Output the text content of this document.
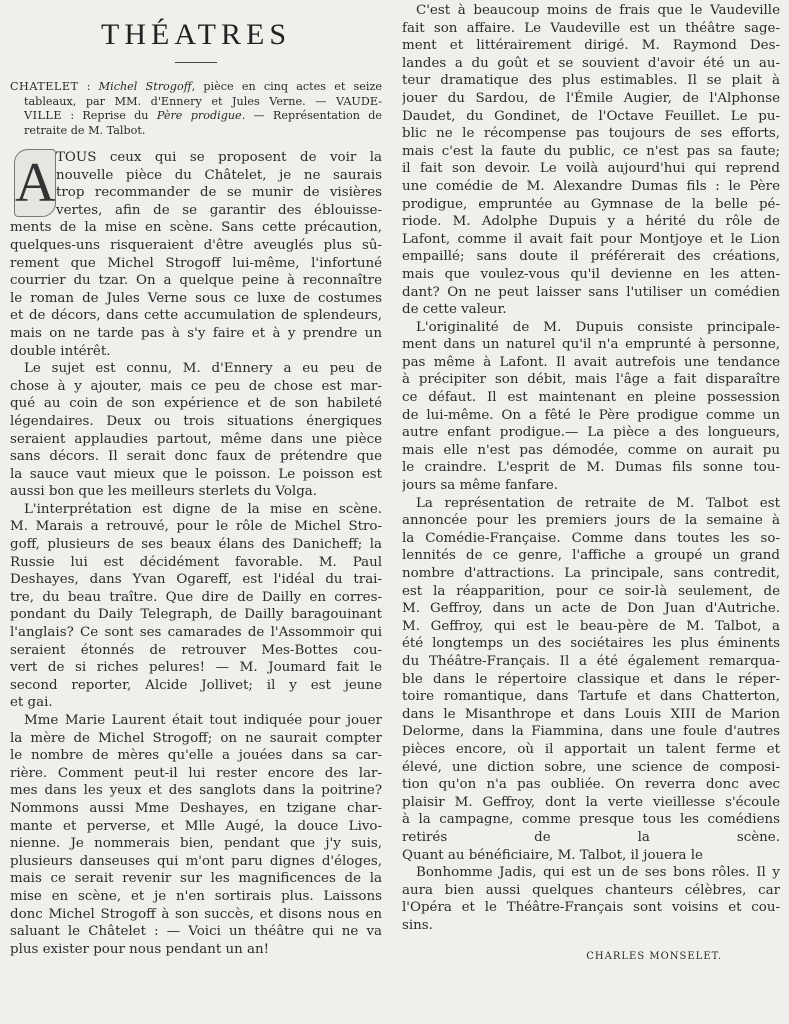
THÉATRES
CHATELET : Michel Strogoff, pièce en cinq actes et seize
tableaux, par MM. d'Ennery et Jules Verne. — VAUDE-
VILLE : Reprise du Père prodigue. — Représentation de
retraite de M. Talbot.
A TOUS ceux qui se proposent de voir la
nouvelle pièce du Châtelet, je ne saurais
trop recommander de se munir de visières
vertes, afin de se garantir des éblouisse-
ments de la mise en scène. Sans cette précaution,
quelques-uns risqueraient d'être aveuglés plus sû-
rement que Michel Strogoff lui-même, l'infortuné
courrier du tzar. On a quelque peine à reconnaître
le roman de Jules Verne sous ce luxe de costumes
et de décors, dans cette accumulation de splendeurs,
mais on ne tarde pas à s'y faire et à y prendre un
double intérêt.
Le sujet est connu, M. d'Ennery a eu peu de
chose à y ajouter, mais ce peu de chose est mar-
qué au coin de son expérience et de son habileté
légendaires. Deux ou trois situations énergiques
seraient applaudies partout, même dans une pièce
sans décors. Il serait donc faux de prétendre que
la sauce vaut mieux que le poisson. Le poisson est
aussi bon que les meilleurs sterlets du Volga.
L'interprétation est digne de la mise en scène.
M. Marais a retrouvé, pour le rôle de Michel Stro-
goff, plusieurs de ses beaux élans des Danicheff; la
Russie lui est décidément favorable. M. Paul
Deshayes, dans Yvan Ogareff, est l'idéal du trai-
tre, du beau traître. Que dire de Dailly en corres-
pondant du Daily Telegraph, de Dailly baragouinant
l'anglais? Ce sont ses camarades de l'Assommoir qui
seraient étonnés de retrouver Mes-Bottes cou-
vert de si riches pelures! — M. Joumard fait le
second reporter, Alcide Jollivet; il y est jeune
et gai.
Mme Marie Laurent était tout indiquée pour jouer
la mère de Michel Strogoff; on ne saurait compter
le nombre de mères qu'elle a jouées dans sa car-
rière. Comment peut-il lui rester encore des lar-
mes dans les yeux et des sanglots dans la poitrine?
Nommons aussi Mme Deshayes, en tzigane char-
mante et perverse, et Mlle Augé, la douce Livo-
nienne. Je nommerais bien, pendant que j'y suis,
plusieurs danseuses qui m'ont paru dignes d'éloges,
mais ce serait revenir sur les magnificences de la
mise en scène, et je n'en sortirais plus. Laissons
donc Michel Strogoff à son succès, et disons nous en
saluant le Châtelet : — Voici un théâtre qui ne va
plus exister pour nous pendant un an!
C'est à beaucoup moins de frais que le Vaudeville
fait son affaire. Le Vaudeville est un théâtre sage-
ment et littérairement dirigé. M. Raymond Des-
landes a du goût et se souvient d'avoir été un au-
teur dramatique des plus estimables. Il se plait à
jouer du Sardou, de l'Émile Augier, de l'Alphonse
Daudet, du Gondinet, de l'Octave Feuillet. Le pu-
blic ne le récompense pas toujours de ses efforts,
mais c'est la faute du public, ce n'est pas sa faute;
il fait son devoir. Le voilà aujourd'hui qui reprend
une comédie de M. Alexandre Dumas fils : le Père
prodigue, empruntée au Gymnase de la belle pé-
riode. M. Adolphe Dupuis y a hérité du rôle de
Lafont, comme il avait fait pour Montjoye et le Lion
empaillé; sans doute il préférerait des créations,
mais que voulez-vous qu'il devienne en les atten-
dant? On ne peut laisser sans l'utiliser un comédien
de cette valeur.
L'originalité de M. Dupuis consiste principale-
ment dans un naturel qu'il n'a emprunté à personne,
pas même à Lafont. Il avait autrefois une tendance
à précipiter son débit, mais l'âge a fait disparaître
ce défaut. Il est maintenant en pleine possession
de lui-même. On a fêté le Père prodigue comme un
autre enfant prodigue.— La pièce a des longueurs,
mais elle n'est pas démodée, comme on aurait pu
le craindre. L'esprit de M. Dumas fils sonne tou-
jours sa même fanfare.
La représentation de retraite de M. Talbot est
annoncée pour les premiers jours de la semaine à
la Comédie-Française. Comme dans toutes les so-
lennités de ce genre, l'affiche a groupé un grand
nombre d'attractions. La principale, sans contredit,
est la réapparition, pour ce soir-là seulement, de
M. Geffroy, dans un acte de Don Juan d'Autriche.
M. Geffroy, qui est le beau-père de M. Talbot, a
été longtemps un des sociétaires les plus éminents
du Théâtre-Français. Il a été également remarqua-
ble dans le répertoire classique et dans le réper-
toire romantique, dans Tartufe et dans Chatterton,
dans le Misanthrope et dans Louis XIII de Marion
Delorme, dans la Fiammina, dans une foule d'autres
pièces encore, où il apportait un talent ferme et
élevé, une diction sobre, une science de composi-
tion qu'on n'a pas oubliée. On reverra donc avec
plaisir M. Geffroy, dont la verte vieillesse s'écoule
à la campagne, comme presque tous les comédiens
retirés de la scène.
Quant au bénéficiaire, M. Talbot, il jouera le
Bonhomme Jadis, qui est un de ses bons rôles. Il y
aura bien aussi quelques chanteurs célèbres, car
l'Opéra et le Théâtre-Français sont voisins et cou-
sins.
CHARLES MONSELET.
